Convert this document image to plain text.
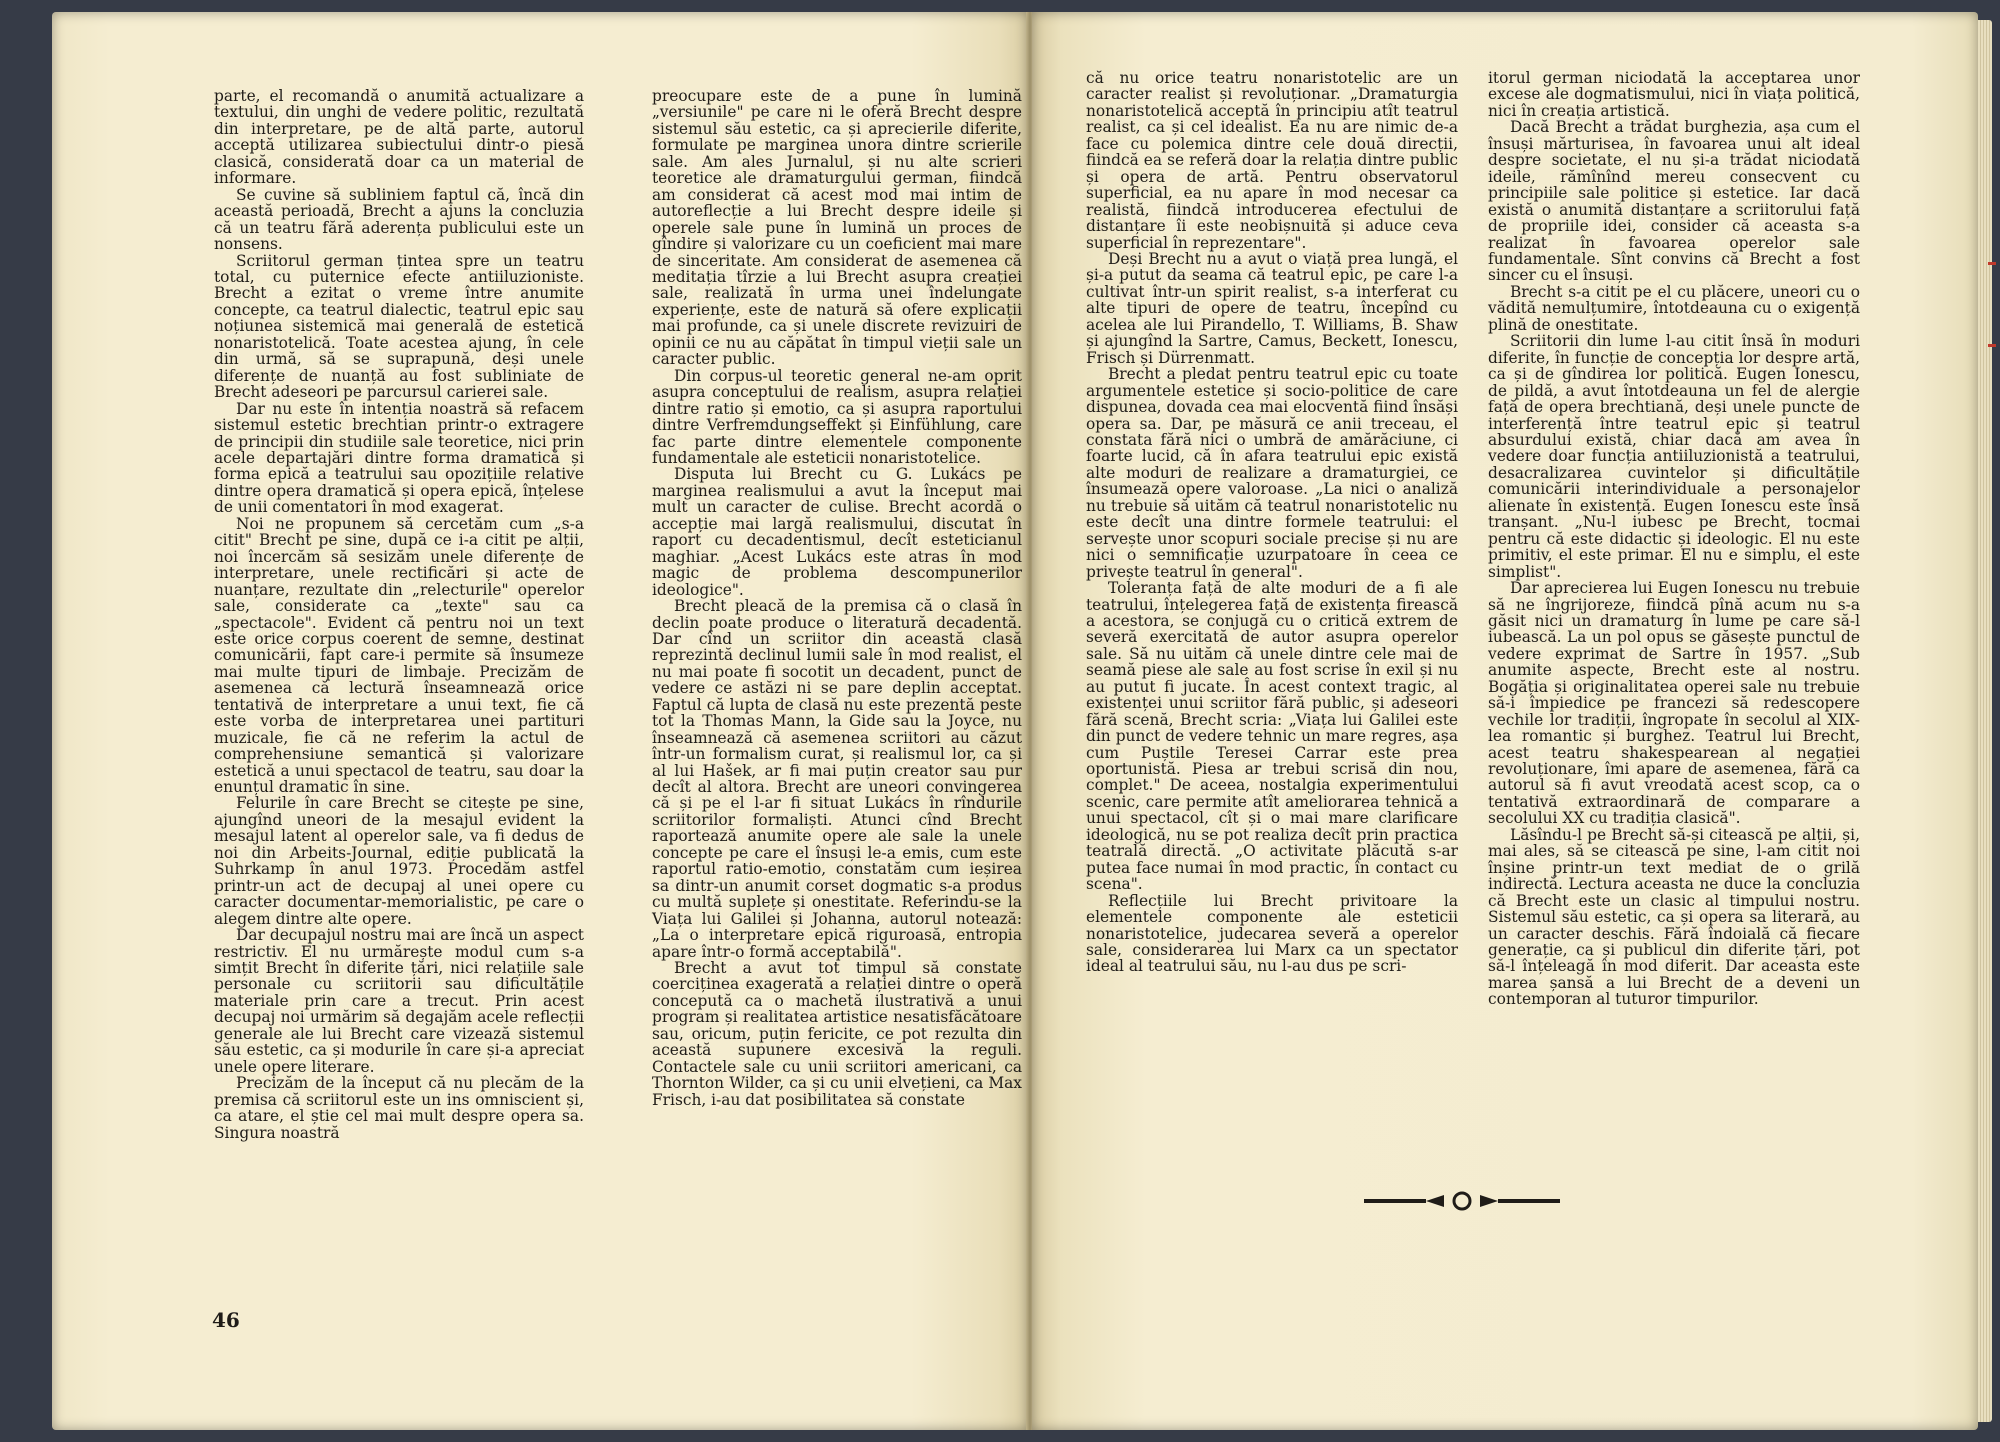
parte, el recomandă o anumită actualizare a textului, din unghi de vedere politic, rezultată din interpretare, pe de altă parte, autorul acceptă utilizarea subiectului dintr-o piesă clasică, considerată doar ca un material de informare.

Se cuvine să subliniem faptul că, încă din această perioadă, Brecht a ajuns la concluzia că un teatru fără aderența publicului este un nonsens.

Scriitorul german țintea spre un teatru total, cu puternice efecte antiiluzioniste. Brecht a ezitat o vreme între anumite concepte, ca teatrul dialectic, teatrul epic sau noțiunea sistemică mai generală de estetică nonaristotelică. Toate acestea ajung, în cele din urmă, să se suprapună, deși unele diferențe de nuanță au fost subliniate de Brecht adeseori pe parcursul carierei sale.

Dar nu este în intenția noastră să refacem sistemul estetic brechtian printr-o extragere de principii din studiile sale teoretice, nici prin acele departajări dintre forma dramatică și forma epică a teatrului sau opozițiile relative dintre opera dramatică și opera epică, înțelese de unii comentatori în mod exagerat.

Noi ne propunem să cercetăm cum „s-a citit" Brecht pe sine, după ce i-a citit pe alții, noi încercăm să sesizăm unele diferențe de interpretare, unele rectificări și acte de nuanțare, rezultate din „relecturile" operelor sale, considerate ca „texte" sau ca „spectacole". Evident că pentru noi un text este orice corpus coerent de semne, destinat comunicării, fapt care-i permite să însumeze mai multe tipuri de limbaje. Precizăm de asemenea că lectură înseamnează orice tentativă de interpretare a unui text, fie că este vorba de interpretarea unei partituri muzicale, fie că ne referim la actul de comprehensiune semantică și valorizare estetică a unui spectacol de teatru, sau doar la enunțul dramatic în sine.

Felurile în care Brecht se citește pe sine, ajungînd uneori de la mesajul evident la mesajul latent al operelor sale, va fi dedus de noi din Arbeits-Journal, ediție publicată la Suhrkamp în anul 1973. Procedăm astfel printr-un act de decupaj al unei opere cu caracter documentar-memorialistic, pe care o alegem dintre alte opere.

Dar decupajul nostru mai are încă un aspect restrictiv. El nu urmărește modul cum s-a simțit Brecht în diferite țări, nici relațiile sale personale cu scriitorii sau dificultățile materiale prin care a trecut. Prin acest decupaj noi urmărim să degajăm acele reflecții generale ale lui Brecht care vizează sistemul său estetic, ca și modurile în care și-a apreciat unele opere literare.

Precizăm de la început că nu plecăm de la premisa că scriitorul este un ins omniscient și, ca atare, el știe cel mai mult despre opera sa. Singura noastră

preocupare este de a pune în lumină „versiunile" pe care ni le oferă Brecht despre sistemul său estetic, ca și aprecierile diferite, formulate pe marginea unora dintre scrierile sale. Am ales Jurnalul, și nu alte scrieri teoretice ale dramaturgului german, fiindcă am considerat că acest mod mai intim de autoreflecție a lui Brecht despre ideile și operele sale pune în lumină un proces de gîndire și valorizare cu un coeficient mai mare de sinceritate. Am considerat de asemenea că meditația tîrzie a lui Brecht asupra creației sale, realizată în urma unei îndelungate experiențe, este de natură să ofere explicații mai profunde, ca și unele discrete revizuiri de opinii ce nu au căpătat în timpul vieții sale un caracter public.

Din corpus-ul teoretic general ne-am oprit asupra conceptului de realism, asupra relației dintre ratio și emotio, ca și asupra raportului dintre Verfremdungseffekt și Einfühlung, care fac parte dintre elementele componente fundamentale ale esteticii nonaristotelice.

Disputa lui Brecht cu G. Lukács pe marginea realismului a avut la început mai mult un caracter de culise. Brecht acordă o accepție mai largă realismului, discutat în raport cu decadentismul, decît esteticianul maghiar. „Acest Lukács este atras în mod magic de problema descompunerilor ideologice".

Brecht pleacă de la premisa că o clasă în declin poate produce o literatură decadentă. Dar cînd un scriitor din această clasă reprezintă declinul lumii sale în mod realist, el nu mai poate fi socotit un decadent, punct de vedere ce astăzi ni se pare deplin acceptat. Faptul că lupta de clasă nu este prezentă peste tot la Thomas Mann, la Gide sau la Joyce, nu înseamnează că asemenea scriitori au căzut într-un formalism curat, și realismul lor, ca și al lui Hašek, ar fi mai puțin creator sau pur decît al altora. Brecht are uneori convingerea că și pe el l-ar fi situat Lukács în rîndurile scriitorilor formaliști. Atunci cînd Brecht raportează anumite opere ale sale la unele concepte pe care el însuși le-a emis, cum este raportul ratio-emotio, constatăm cum ieșirea sa dintr-un anumit corset dogmatic s-a produs cu multă suplețe și onestitate. Referindu-se la Viața lui Galilei și Johanna, autorul notează: „La o interpretare epică riguroasă, entropia apare într-o formă acceptabilă".

Brecht a avut tot timpul să constate coerciținea exagerată a relației dintre o operă concepută ca o machetă ilustrativă a unui program și realitatea artistice nesatisfăcătoare sau, oricum, puțin fericite, ce pot rezulta din această supunere excesivă la reguli. Contactele sale cu unii scriitori americani, ca Thornton Wilder, ca și cu unii elvețieni, ca Max Frisch, i-au dat posibilitatea să constate

că nu orice teatru nonaristotelic are un caracter realist și revoluționar. „Dramaturgia nonaristotelică acceptă în principiu atît teatrul realist, ca și cel idealist. Ea nu are nimic de-a face cu polemica dintre cele două direcții, fiindcă ea se referă doar la relația dintre public și opera de artă. Pentru observatorul superficial, ea nu apare în mod necesar ca realistă, fiindcă introducerea efectului de distanțare îi este neobișnuită și aduce ceva superficial în reprezentare".

Deși Brecht nu a avut o viață prea lungă, el și-a putut da seama că teatrul epic, pe care l-a cultivat într-un spirit realist, s-a interferat cu alte tipuri de opere de teatru, începînd cu acelea ale lui Pirandello, T. Williams, B. Shaw și ajungînd la Sartre, Camus, Beckett, Ionescu, Frisch și Dürrenmatt.

Brecht a pledat pentru teatrul epic cu toate argumentele estetice și socio-politice de care dispunea, dovada cea mai elocventă fiind însăși opera sa. Dar, pe măsură ce anii treceau, el constata fără nici o umbră de amărăciune, ci foarte lucid, că în afara teatrului epic există alte moduri de realizare a dramaturgiei, ce însumează opere valoroase. „La nici o analiză nu trebuie să uităm că teatrul nonaristotelic nu este decît una dintre formele teatrului: el servește unor scopuri sociale precise și nu are nici o semnificație uzurpatoare în ceea ce privește teatrul în general".

Toleranța față de alte moduri de a fi ale teatrului, înțelegerea față de existența firească a acestora, se conjugă cu o critică extrem de severă exercitată de autor asupra operelor sale. Să nu uităm că unele dintre cele mai de seamă piese ale sale au fost scrise în exil și nu au putut fi jucate. În acest context tragic, al existenței unui scriitor fără public, și adeseori fără scenă, Brecht scria: „Viața lui Galilei este din punct de vedere tehnic un mare regres, așa cum Puștile Teresei Carrar este prea oportunistă. Piesa ar trebui scrisă din nou, complet." De aceea, nostalgia experimentului scenic, care permite atît ameliorarea tehnică a unui spectacol, cît și o mai mare clarificare ideologică, nu se pot realiza decît prin practica teatrală directă. „O activitate plăcută s-ar putea face numai în mod practic, în contact cu scena".

Reflecțiile lui Brecht privitoare la elementele componente ale esteticii nonaristotelice, judecarea severă a operelor sale, considerarea lui Marx ca un spectator ideal al teatrului său, nu l-au dus pe scri-

itorul german niciodată la acceptarea unor excese ale dogmatismului, nici în viața politică, nici în creația artistică.

Dacă Brecht a trădat burghezia, așa cum el însuși mărturisea, în favoarea unui alt ideal despre societate, el nu și-a trădat niciodată ideile, rămînînd mereu consecvent cu principiile sale politice și estetice. Iar dacă există o anumită distanțare a scriitorului față de propriile idei, consider că aceasta s-a realizat în favoarea operelor sale fundamentale. Sînt convins că Brecht a fost sincer cu el însuși.

Brecht s-a citit pe el cu plăcere, uneori cu o vădită nemulțumire, întotdeauna cu o exigență plină de onestitate.

Scriitorii din lume l-au citit însă în moduri diferite, în funcție de concepția lor despre artă, ca și de gîndirea lor politică. Eugen Ionescu, de pildă, a avut întotdeauna un fel de alergie față de opera brechtiană, deși unele puncte de interferență între teatrul epic și teatrul absurdului există, chiar dacă am avea în vedere doar funcția antiiluzionistă a teatrului, desacralizarea cuvintelor și dificultățile comunicării interindividuale a personajelor alienate în existență. Eugen Ionescu este însă tranșant. „Nu-l iubesc pe Brecht, tocmai pentru că este didactic și ideologic. El nu este primitiv, el este primar. El nu e simplu, el este simplist".

Dar aprecierea lui Eugen Ionescu nu trebuie să ne îngrijoreze, fiindcă pînă acum nu s-a găsit nici un dramaturg în lume pe care să-l iubească. La un pol opus se găsește punctul de vedere exprimat de Sartre în 1957. „Sub anumite aspecte, Brecht este al nostru. Bogăția și originalitatea operei sale nu trebuie să-i împiedice pe francezi să redescopere vechile lor tradiții, îngropate în secolul al XIX-lea romantic și burghez. Teatrul lui Brecht, acest teatru shakespearean al negației revoluționare, îmi apare de asemenea, fără ca autorul să fi avut vreodată acest scop, ca o tentativă extraordinară de comparare a secolului XX cu tradiția clasică".

Lăsîndu-l pe Brecht să-și citească pe alții, și, mai ales, să se citească pe sine, l-am citit noi înșine printr-un text mediat de o grilă indirectă. Lectura aceasta ne duce la concluzia că Brecht este un clasic al timpului nostru. Sistemul său estetic, ca și opera sa literară, au un caracter deschis. Fără îndoială că fiecare generație, ca și publicul din diferite țări, pot să-l înțeleagă în mod diferit. Dar aceasta este marea șansă a lui Brecht de a deveni un contemporan al tuturor timpurilor.

46
